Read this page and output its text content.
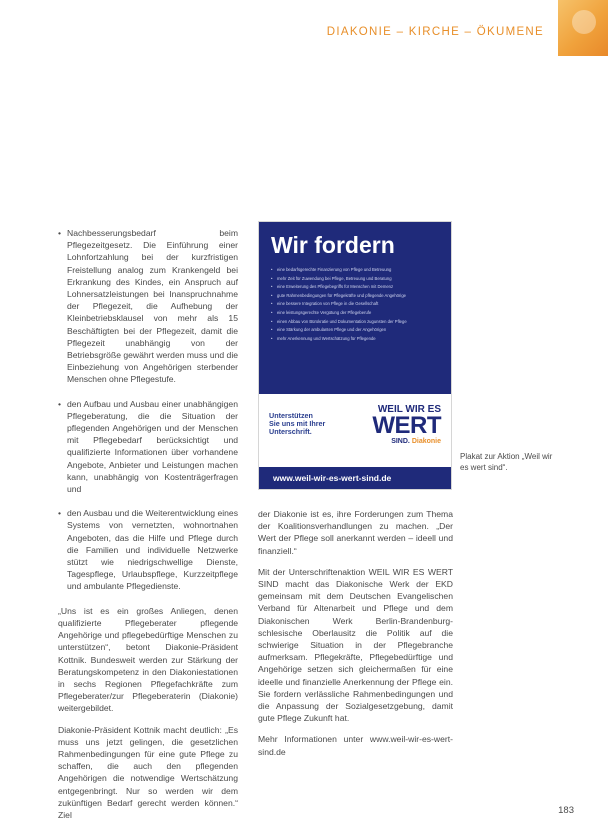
DIAKONIE – KIRCHE – ÖKUMENE

• Nachbesserungsbedarf beim Pflegezeitgesetz. Die Einführung einer Lohnfortzahlung bei der kurzfristigen Freistellung analog zum Krankengeld bei Erkrankung des Kindes, ein Anspruch auf Lohnersatzleistungen bei Inanspruchnahme der Pflegezeit, die Aufhebung der Kleinbetriebsklausel von mehr als 15 Beschäftigten bei der Pflegezeit, damit die Pflegezeit unabhängig von der Betriebsgröße gewährt werden muss und die Einbeziehung von Angehörigen sterbender Menschen ohne Pflegestufe.

• den Aufbau und Ausbau einer unabhängigen Pflegeberatung, die die Situation der pflegenden Angehörigen und der Menschen mit Pflegebedarf berücksichtigt und qualifizierte Informationen über vorhandene Angebote, Anbieter und Leistungen machen kann, unabhängig von Kostenträgerfragen und

• den Ausbau und die Weiterentwicklung eines Systems von vernetzten, wohnortnahen Angeboten, das die Hilfe und Pflege durch die Familien und individuelle Netzwerke stützt wie niedrigschwellige Dienste, Tagespflege, Urlaubspflege, Kurzzeitpflege und ambulante Pflegedienste.

„Uns ist es ein großes Anliegen, denen qualifizierte Pflegeberater pflegende Angehörige und pflegebedürftige Menschen zu unterstützen“, betont Diakonie-Präsident Kottnik. Bundesweit werden zur Stärkung der Beratungskompetenz in den Diakoniestationen in sechs Regionen Pflegefachkräfte zum Pflegeberater/zur Pflegeberaterin (Diakonie) weitergebildet.

Diakonie-Präsident Kottnik macht deutlich: „Es muss uns jetzt gelingen, die gesetzlichen Rahmenbedingungen für eine gute Pflege zu schaffen, die auch den pflegenden Angehörigen die notwendige Wertschätzung entgegenbringt. Nur so werden wir dem zukünftigen Bedarf gerecht werden können.“ Ziel

Wir fordern
• eine bedarfsgerechte Finanzierung von Pflege und Betreuung
• mehr Zeit für Zuwendung bei Pflege, Betreuung und Beratung
• eine Erweiterung des Pflegebegriffs für Menschen mit Demenz
• gute Rahmenbedingungen für Pflegekräfte und pflegende Angehörige
• eine bessere Integration von Pflege in die Gesellschaft
• eine leistungsgerechte Vergütung der Pflegeberufe
• einen Abbau von Bürokratie und Dokumentation zugunsten der Pflege
• eine Stärkung der ambulanten Pflege und der Angehörigen
• mehr Anerkennung und Wertschätzung für Pflegende
Unterstützen
Sie uns mit Ihrer
Unterschrift.
WEIL WIR ES
WERT
SIND. Diakonie
www.weil-wir-es-wert-sind.de
Plakat zur Aktion „Weil wir es wert sind“.

der Diakonie ist es, ihre Forderungen zum Thema der Koalitionsverhandlungen zu machen. „Der Wert der Pflege soll anerkannt werden – ideell und finanziell.“

Mit der Unterschriftenaktion WEIL WIR ES WERT SIND macht das Diakonische Werk der EKD gemeinsam mit dem Deutschen Evangelischen Verband für Altenarbeit und Pflege und dem Diakonischen Werk Berlin-Brandenburg-schlesische Oberlausitz die Politik auf die schwierige Situation in der Pflegebranche aufmerksam. Pflegekräfte, Pflegebedürftige und Angehörige setzen sich gleichermaßen für eine ideelle und finanzielle Anerkennung der Pflege ein. Sie fordern verlässliche Rahmenbedingungen und die Anpassung der Sozialgesetzgebung, damit gute Pflege Zukunft hat.

Mehr Informationen unter www.weil-wir-es-wert-sind.de

183
